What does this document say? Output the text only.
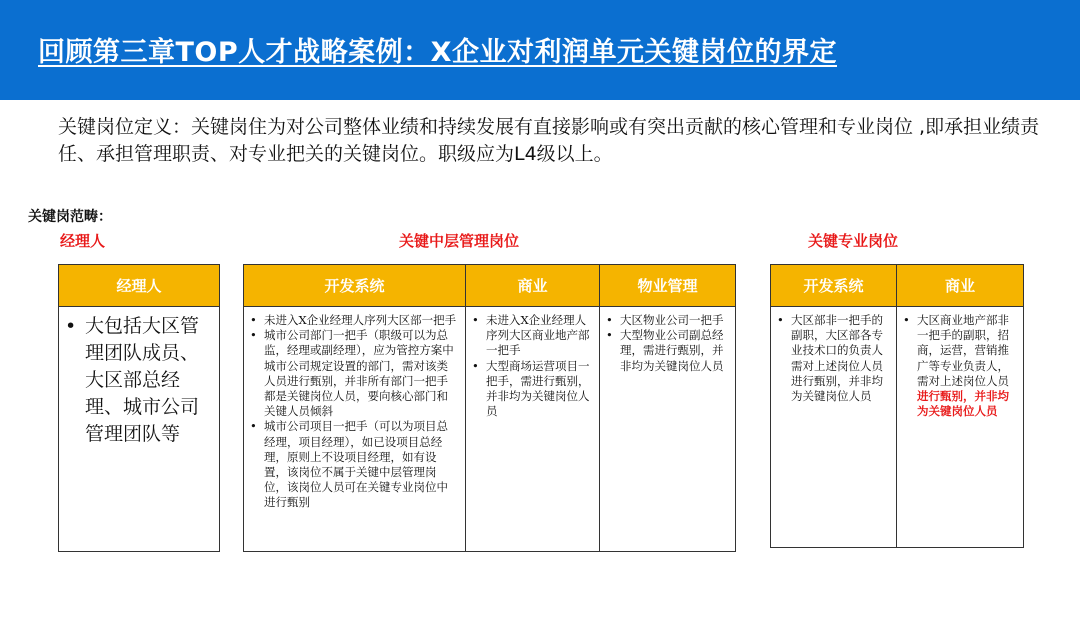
回顾第三章TOP人才战略案例：X企业对利润单元关键岗位的界定
关键岗位定义：关键岗住为对公司整体业绩和持续发展有直接影响或有突出贡献的核心管理和专业岗位 ,即承担业绩责任、承担管理职责、对专业把关的关键岗位。职级应为L4级以上。
关键岗范畴：
经理人	关键中层管理岗位	关键专业岗位
经理人
• 大包括大区管理团队成员、大区部总经理、城市公司管理团队等
开发系统
• 未进入X企业经理人序列大区部一把手
• 城市公司部门一把手（职级可以为总监，经理或副经理），应为管控方案中城市公司规定设置的部门，需对该类人员进行甄别，并非所有部门一把手都是关键岗位人员，要向核心部门和关键人员倾斜
• 城市公司项目一把手（可以为项目总经理，项目经理），如已设项目总经理，原则上不设项目经理，如有设置，该岗位不属于关键中层管理岗位，该岗位人员可在关键专业岗位中进行甄别
商业
• 未进入X企业经理人序列大区商业地产部一把手
• 大型商场运营项目一把手，需进行甄别，并非均为关键岗位人员
物业管理
• 大区物业公司一把手
• 大型物业公司副总经理，需进行甄别，并非均为关键岗位人员
开发系统
• 大区部非一把手的副职，大区部各专业技术口的负责人需对上述岗位人员进行甄别，并非均为关键岗位人员
商业
• 大区商业地产部非一把手的副职，招商，运营，营销推广等专业负责人，需对上述岗位人员进行甄别，并非均为关键岗位人员
